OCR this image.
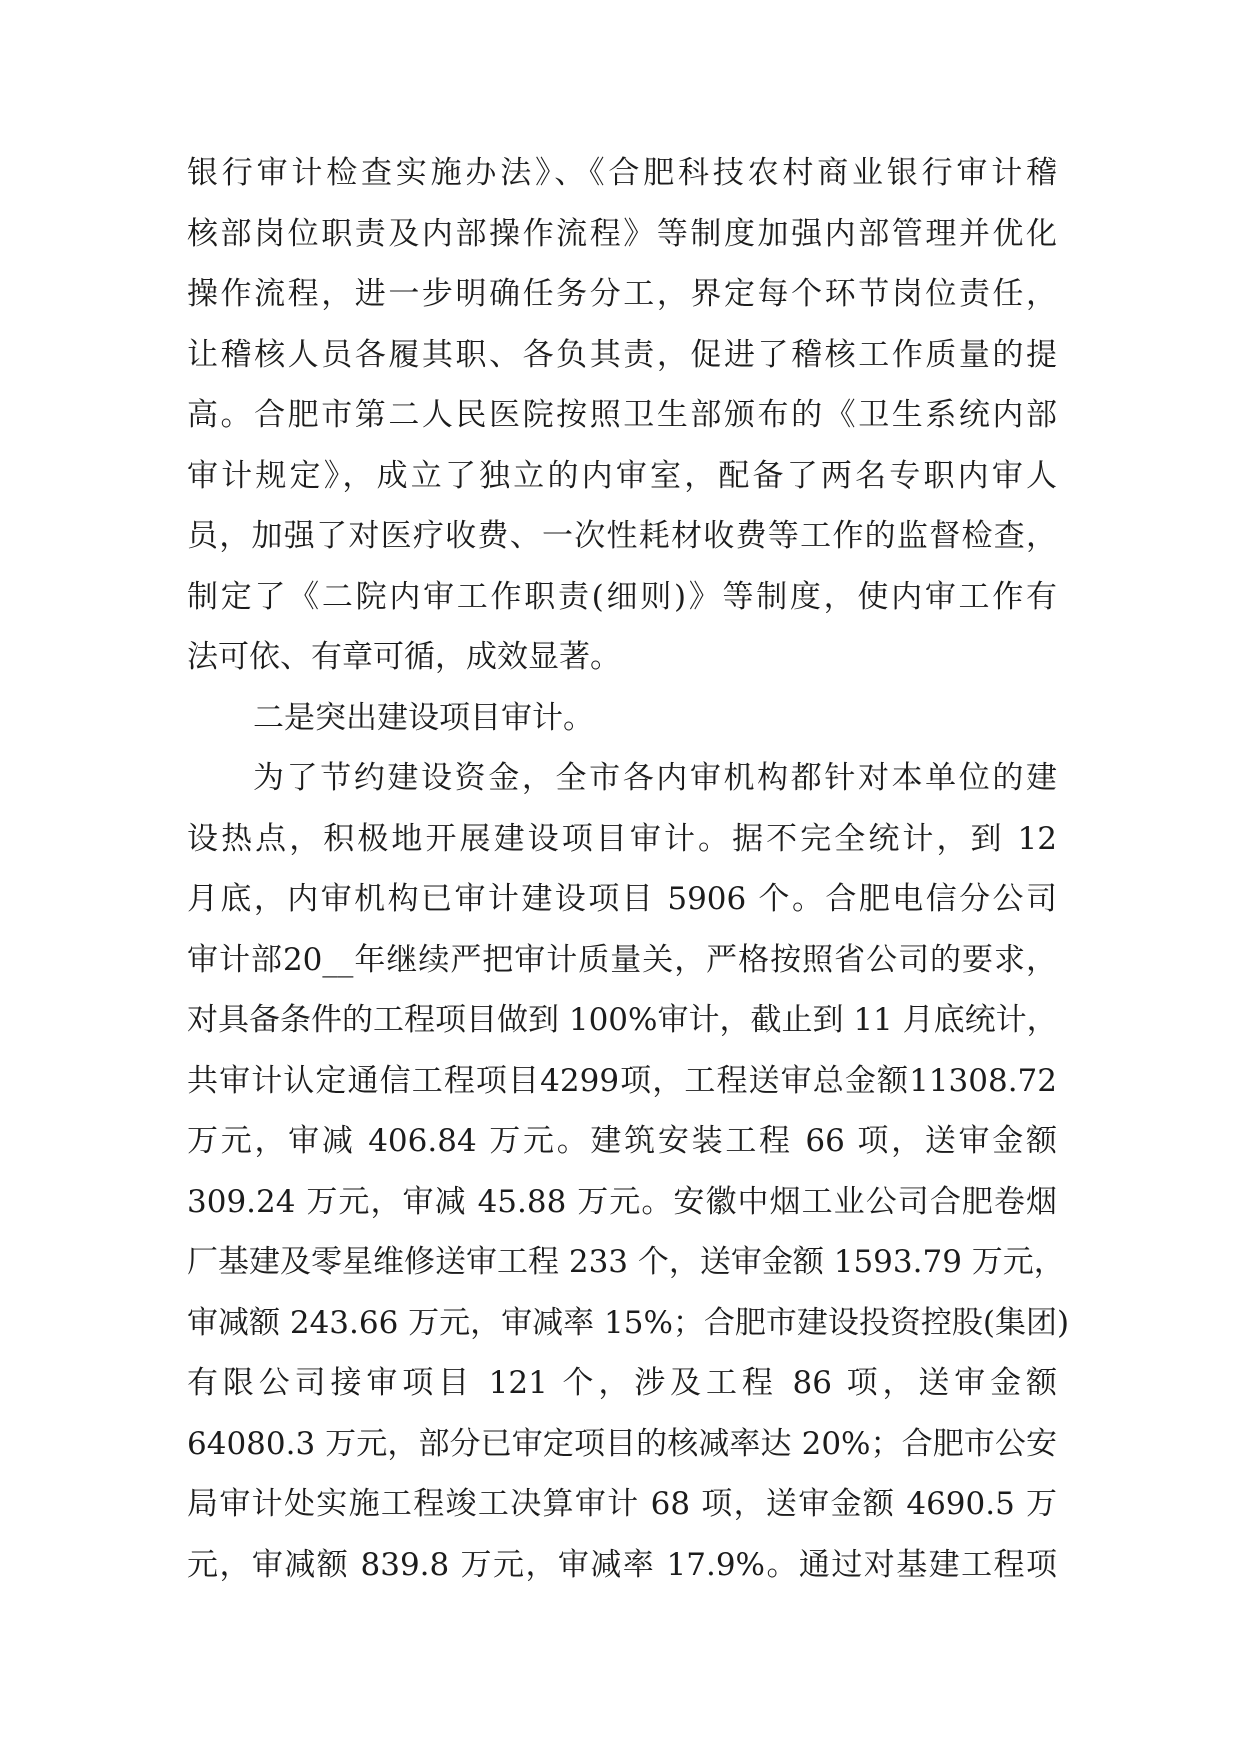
银行审计检查实施办法》、《合肥科技农村商业银行审计稽
核部岗位职责及内部操作流程》等制度加强内部管理并优化
操作流程，进一步明确任务分工，界定每个环节岗位责任，
让稽核人员各履其职、各负其责，促进了稽核工作质量的提
高。合肥市第二人民医院按照卫生部颁布的《卫生系统内部
审计规定》，成立了独立的内审室，配备了两名专职内审人
员，加强了对医疗收费、一次性耗材收费等工作的监督检查，
制定了《二院内审工作职责(细则)》等制度，使内审工作有
法可依、有章可循，成效显著。
二是突出建设项目审计。
为了节约建设资金，全市各内审机构都针对本单位的建
设热点，积极地开展建设项目审计。据不完全统计，到 12
月底，内审机构已审计建设项目 5906 个。合肥电信分公司
审计部20__年继续严把审计质量关，严格按照省公司的要求，
对具备条件的工程项目做到 100%审计，截止到 11 月底统计，
共审计认定通信工程项目4299项，工程送审总金额11308.72
万元，审减 406.84 万元。建筑安装工程 66 项，送审金额
309.24 万元，审减 45.88 万元。安徽中烟工业公司合肥卷烟
厂基建及零星维修送审工程 233 个，送审金额 1593.79 万元，
审减额 243.66 万元，审减率 15%；合肥市建设投资控股(集团)
有限公司接审项目 121 个，涉及工程 86 项，送审金额
64080.3 万元，部分已审定项目的核减率达 20%；合肥市公安
局审计处实施工程竣工决算审计 68 项，送审金额 4690.5 万
元，审减额 839.8 万元，审减率 17.9%。通过对基建工程项
